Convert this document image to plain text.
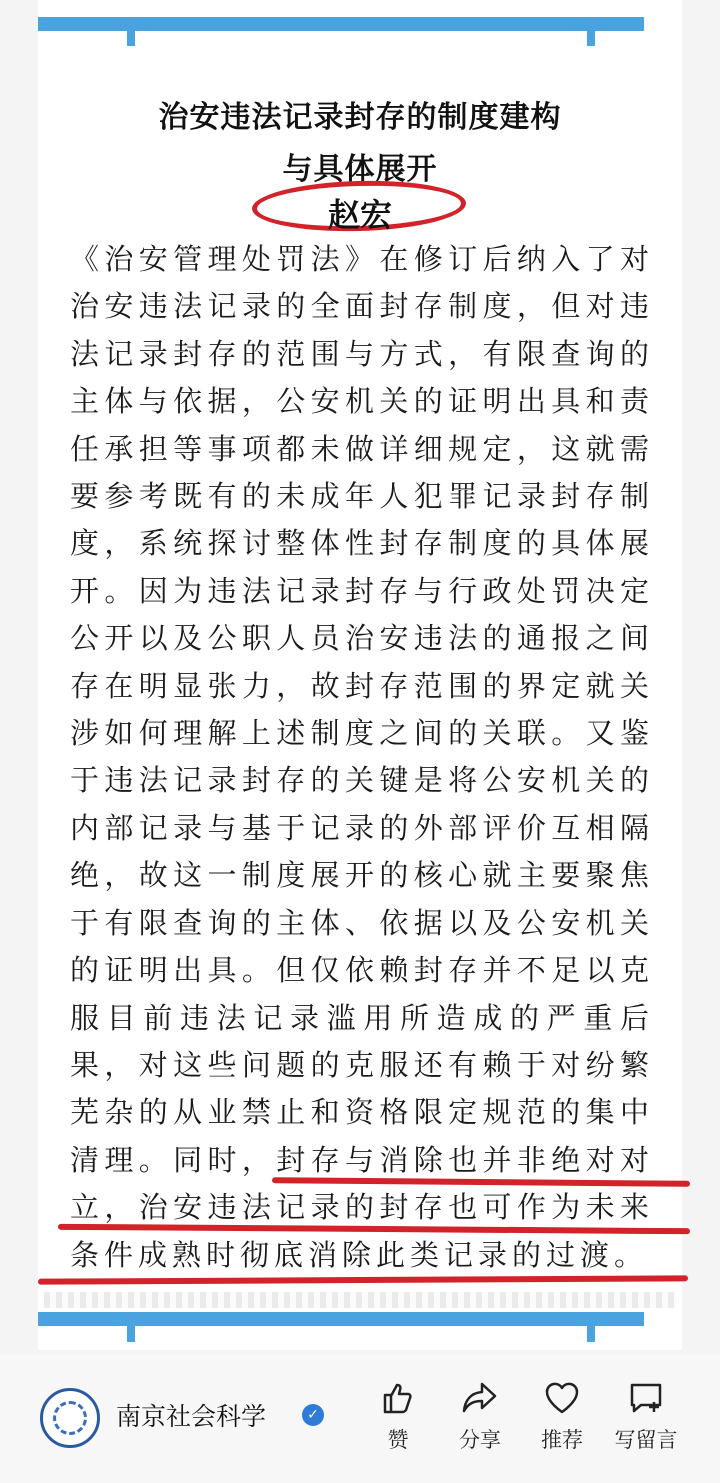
治安违法记录封存的制度建构
与具体展开
赵宏
《治安管理处罚法》在修订后纳入了对治安违法记录的全面封存制度，但对违法记录封存的范围与方式，有限查询的主体与依据，公安机关的证明出具和责任承担等事项都未做详细规定，这就需要参考既有的未成年人犯罪记录封存制度，系统探讨整体性封存制度的具体展开。因为违法记录封存与行政处罚决定公开以及公职人员治安违法的通报之间存在明显张力，故封存范围的界定就关涉如何理解上述制度之间的关联。又鉴于违法记录封存的关键是将公安机关的内部记录与基于记录的外部评价互相隔绝，故这一制度展开的核心就主要聚焦于有限查询的主体、依据以及公安机关的证明出具。但仅依赖封存并不足以克服目前违法记录滥用所造成的严重后果，对这些问题的克服还有赖于对纷繁芜杂的从业禁止和资格限定规范的集中清理。同时，封存与消除也并非绝对对立，治安违法记录的封存也可作为未来条件成熟时彻底消除此类记录的过渡。
南京社会科学	✓
赞	分享	推荐	写留言
